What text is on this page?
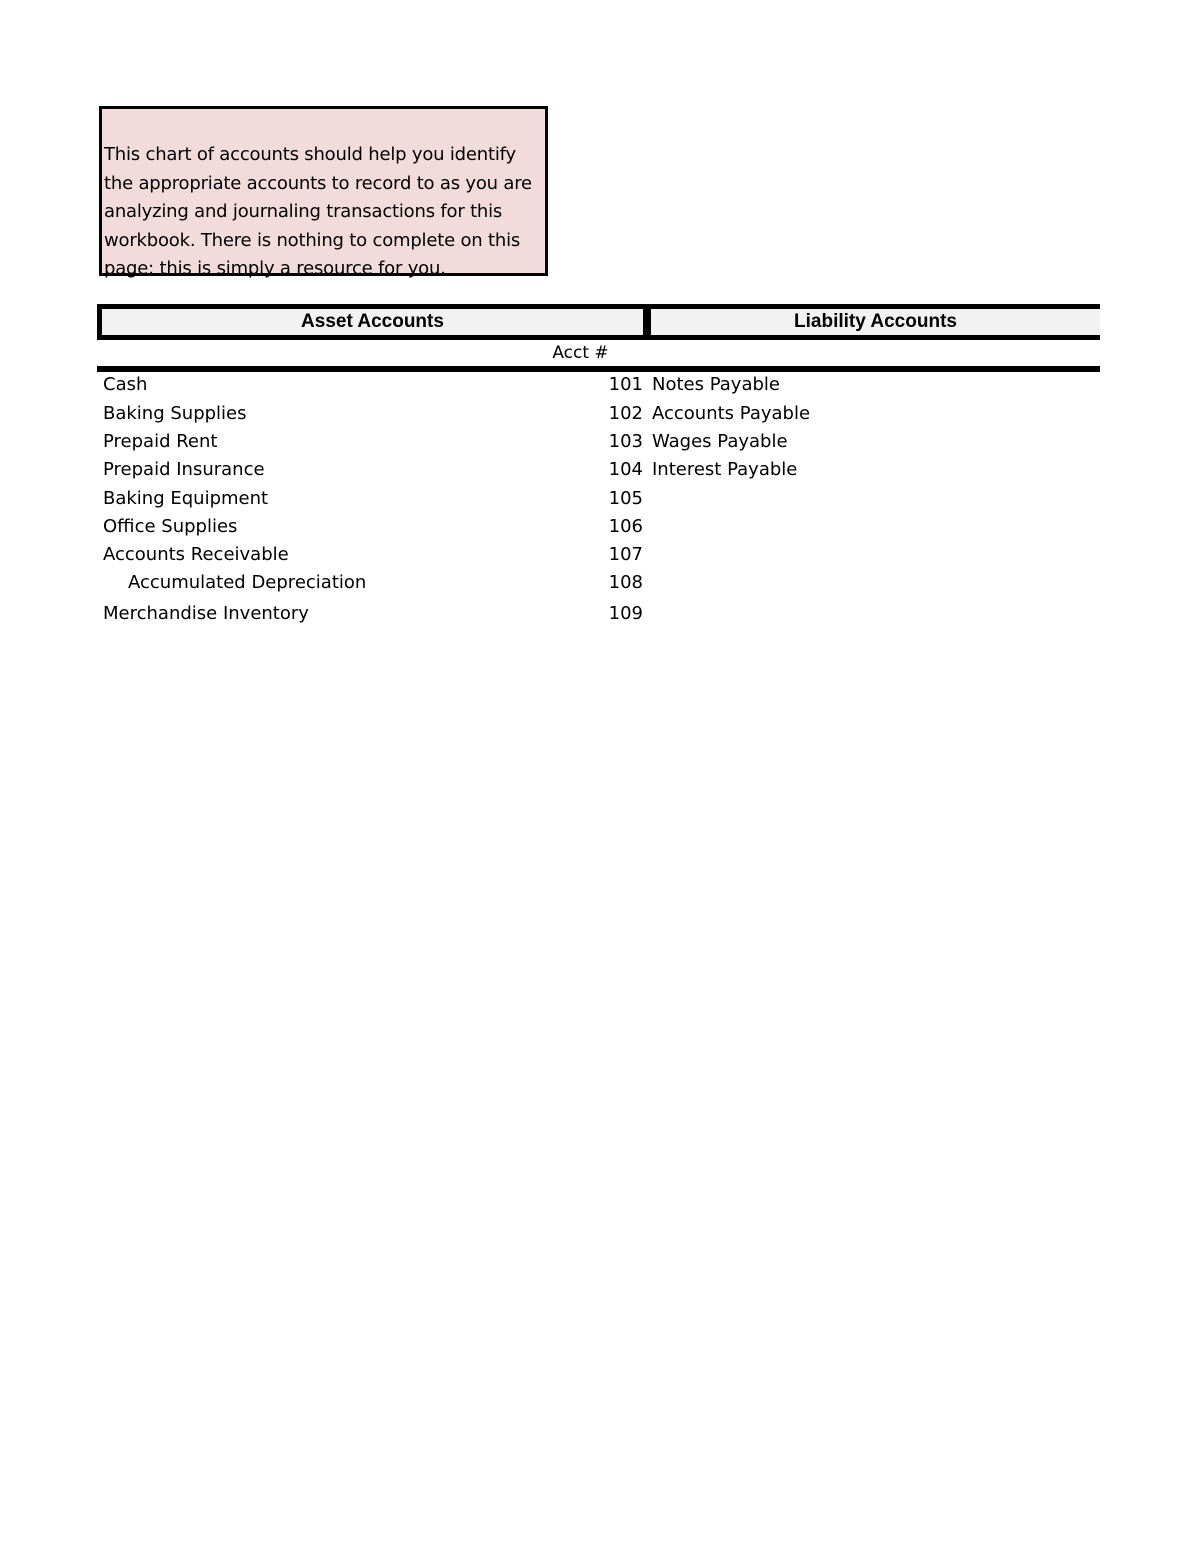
This chart of accounts should help you identify
the appropriate accounts to record to as you are
analyzing and journaling transactions for this
workbook. There is nothing to complete on this
page; this is simply a resource for you.
Asset Accounts	Liability Accounts
Acct #
Cash	101 Notes Payable
Baking Supplies	102 Accounts Payable
Prepaid Rent	103 Wages Payable
Prepaid Insurance	104 Interest Payable
Baking Equipment	105
Office Supplies	106
Accounts Receivable	107
Accumulated Depreciation	108
Merchandise Inventory	109
